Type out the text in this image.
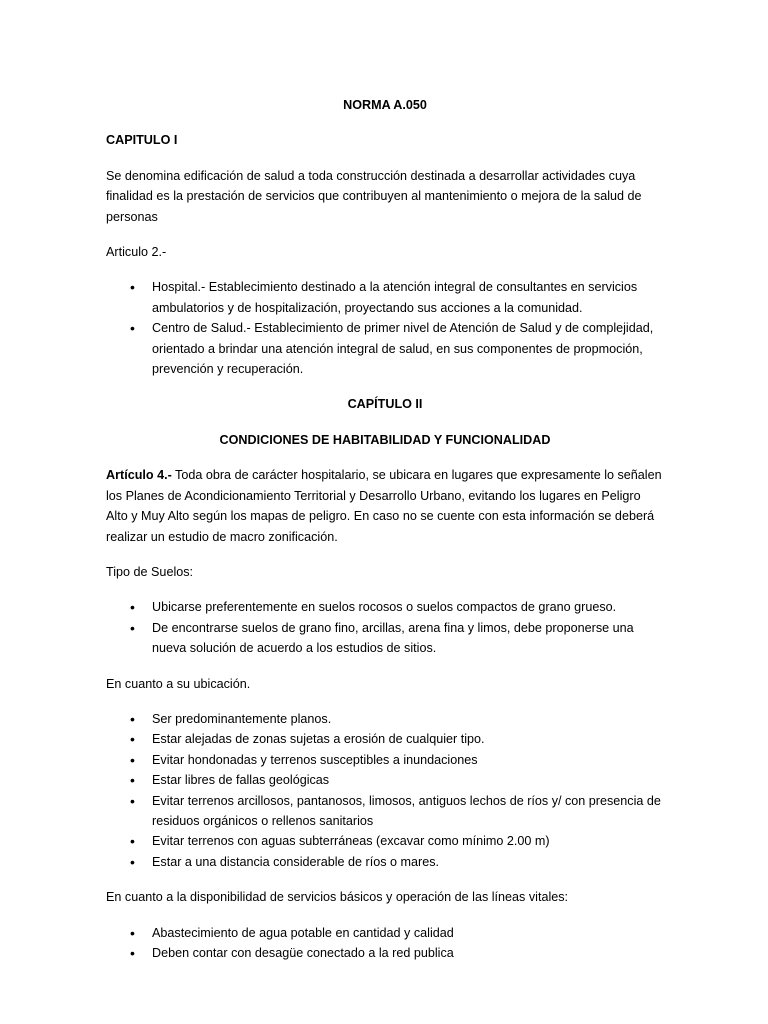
NORMA A.050
CAPITULO I

Se denomina edificación de salud a toda construcción destinada a desarrollar actividades cuya finalidad es la prestación de servicios que contribuyen al mantenimiento o mejora de la salud de personas

Articulo 2.-

• Hospital.- Establecimiento destinado a la atención integral de consultantes en servicios ambulatorios y de hospitalización, proyectando sus acciones a la comunidad.
• Centro de Salud.- Establecimiento de primer nivel de Atención de Salud y de complejidad, orientado a brindar una atención integral de salud, en sus componentes de propmoción, prevención y recuperación.
CAPÍTULO II
CONDICIONES DE HABITABILIDAD Y FUNCIONALIDAD

Artículo 4.- Toda obra de carácter hospitalario, se ubicara en lugares que expresamente lo señalen los Planes de Acondicionamiento Territorial y Desarrollo Urbano, evitando los lugares en Peligro Alto y Muy Alto según los mapas de peligro. En caso no se cuente con esta información se deberá realizar un estudio de macro zonificación.

Tipo de Suelos:

• Ubicarse preferentemente en suelos rocosos o suelos compactos de grano grueso.
• De encontrarse suelos de grano fino, arcillas, arena fina y limos, debe proponerse una nueva solución de acuerdo a los estudios de sitios.

En cuanto a su ubicación.

• Ser predominantemente planos.
• Estar alejadas de zonas sujetas a erosión de cualquier tipo.
• Evitar hondonadas y terrenos susceptibles a inundaciones
• Estar libres de fallas geológicas
• Evitar terrenos arcillosos, pantanosos, limosos, antiguos lechos de ríos y/ con presencia de residuos orgánicos o rellenos sanitarios
• Evitar terrenos con aguas subterráneas (excavar como mínimo 2.00 m)
• Estar a una distancia considerable de ríos o mares.

En cuanto a la disponibilidad de servicios básicos y operación de las líneas vitales:

• Abastecimiento de agua potable en cantidad y calidad
• Deben contar con desagüe conectado a la red publica
